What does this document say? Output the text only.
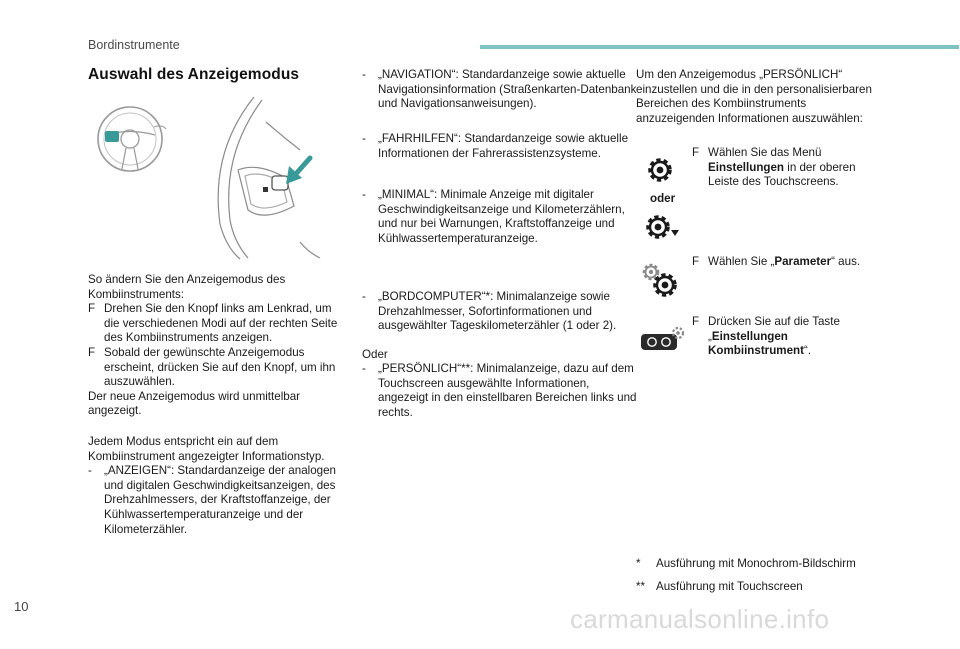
Bordinstrumente
Auswahl des Anzeigemodus

So ändern Sie den Anzeigemodus des Kombiinstruments:

F Drehen Sie den Knopf links am Lenkrad, um die verschiedenen Modi auf der rechten Seite des Kombiinstruments anzeigen.

F Sobald der gewünschte Anzeigemodus erscheint, drücken Sie auf den Knopf, um ihn auszuwählen.

Der neue Anzeigemodus wird unmittelbar angezeigt.

Jedem Modus entspricht ein auf dem Kombiinstrument angezeigter Informationstyp.

- „ANZEIGEN“: Standardanzeige der analogen und digitalen Geschwindigkeitsanzeigen, des Drehzahlmessers, der Kraftstoffanzeige, der Kühlwassertemperaturanzeige und der Kilometerzähler.

- „NAVIGATION“: Standardanzeige sowie aktuelle Navigationsinformation (Straßenkarten-Datenbank und Navigationsanweisungen).

- „FAHRHILFEN“: Standardanzeige sowie aktuelle Informationen der Fahrerassistenzsysteme.

- „MINIMAL“: Minimale Anzeige mit digitaler Geschwindigkeitsanzeige und Kilometerzählern, und nur bei Warnungen, Kraftstoffanzeige und Kühlwassertemperaturanzeige.

- „BORDCOMPUTER“*: Minimalanzeige sowie Drehzahlmesser, Sofortinformationen und ausgewählter Tageskilometerzähler (1 oder 2).

Oder

- „PERSÖNLICH“**: Minimalanzeige, dazu auf dem Touchscreen ausgewählte Informationen, angezeigt in den einstellbaren Bereichen links und rechts.

Um den Anzeigemodus „PERSÖNLICH“ einzustellen und die in den personalisierbaren Bereichen des Kombiinstruments anzuzeigenden Informationen auszuwählen:
oder
F Wählen Sie das Menü Einstellungen in der oberen Leiste des Touchscreens.
F Wählen Sie „Parameter“ aus.
F Drücken Sie auf die Taste „Einstellungen Kombiinstrument“.
* Ausführung mit Monochrom-Bildschirm
** Ausführung mit Touchscreen
10	carmanualsonline.info
